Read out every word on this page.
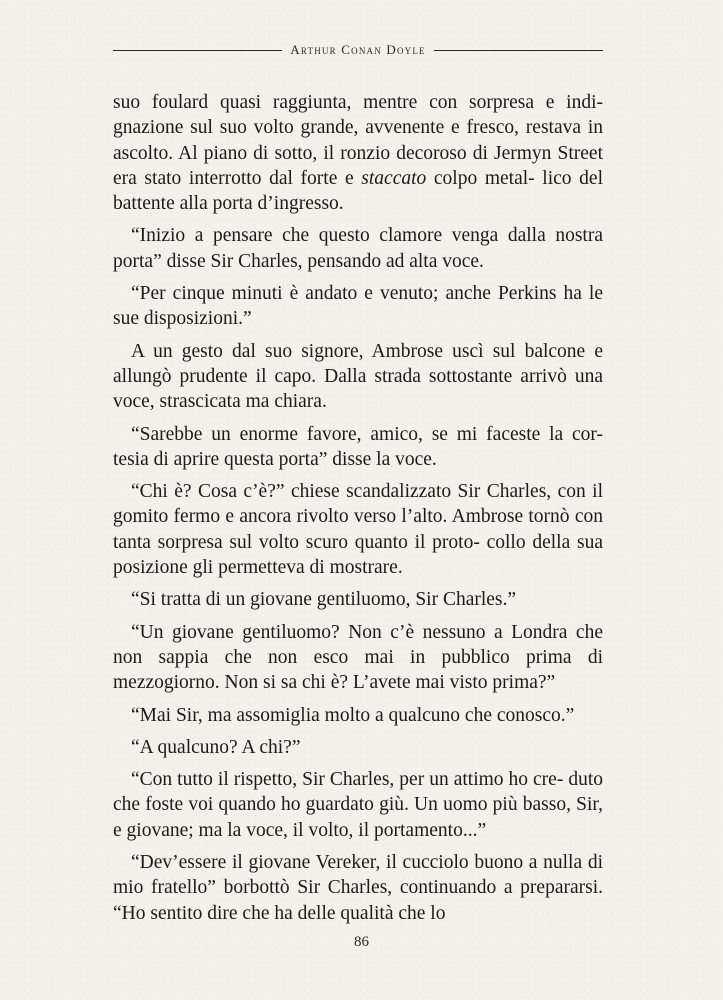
Arthur Conan Doyle

suo foulard quasi raggiunta, mentre con sorpresa e indi- gnazione sul suo volto grande, avvenente e fresco, restava in ascolto. Al piano di sotto, il ronzio decoroso di Jermyn Street era stato interrotto dal forte e staccato colpo metal- lico del battente alla porta d’ingresso.

“Inizio a pensare che questo clamore venga dalla nostra porta” disse Sir Charles, pensando ad alta voce.

“Per cinque minuti è andato e venuto; anche Perkins ha le sue disposizioni.”

A un gesto dal suo signore, Ambrose uscì sul balcone e allungò prudente il capo. Dalla strada sottostante arrivò una voce, strascicata ma chiara.

“Sarebbe un enorme favore, amico, se mi faceste la cor- tesia di aprire questa porta” disse la voce.

“Chi è? Cosa c’è?” chiese scandalizzato Sir Charles, con il gomito fermo e ancora rivolto verso l’alto. Ambrose tornò con tanta sorpresa sul volto scuro quanto il proto- collo della sua posizione gli permetteva di mostrare.

“Si tratta di un giovane gentiluomo, Sir Charles.”

“Un giovane gentiluomo? Non c’è nessuno a Londra che non sappia che non esco mai in pubblico prima di mezzogiorno. Non si sa chi è? L’avete mai visto prima?”

“Mai Sir, ma assomiglia molto a qualcuno che conosco.”

“A qualcuno? A chi?”

“Con tutto il rispetto, Sir Charles, per un attimo ho cre- duto che foste voi quando ho guardato giù. Un uomo più basso, Sir, e giovane; ma la voce, il volto, il portamento...”

“Dev’essere il giovane Vereker, il cucciolo buono a nulla di mio fratello” borbottò Sir Charles, continuando a prepararsi. “Ho sentito dire che ha delle qualità che lo

86
